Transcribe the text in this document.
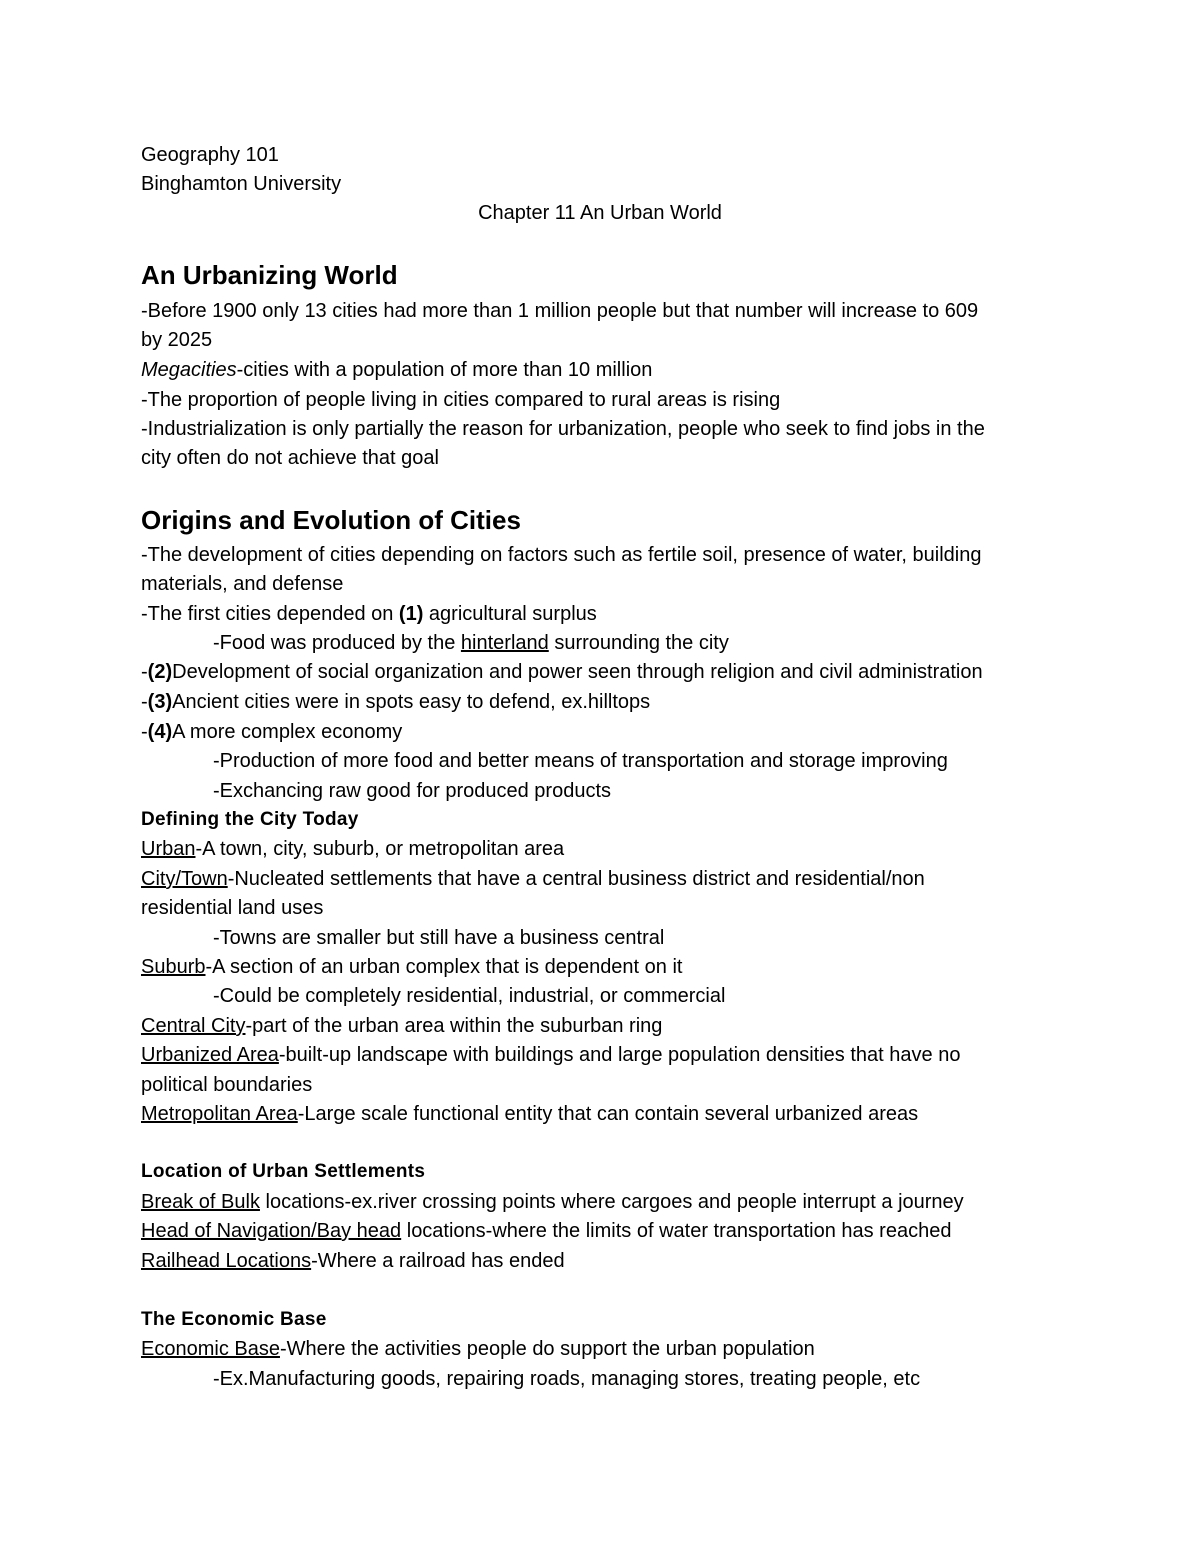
Geography 101
Binghamton University
Chapter 11 An Urban World
An Urbanizing World
-Before 1900 only 13 cities had more than 1 million people but that number will increase to 609
by 2025
Megacities-cities with a population of more than 10 million
-The proportion of people living in cities compared to rural areas is rising
-Industrialization is only partially the reason for urbanization, people who seek to find jobs in the
city often do not achieve that goal
Origins and Evolution of Cities
-The development of cities depending on factors such as fertile soil, presence of water, building
materials, and defense
-The first cities depended on (1) agricultural surplus
-Food was produced by the hinterland surrounding the city
-(2)Development of social organization and power seen through religion and civil administration
-(3)Ancient cities were in spots easy to defend, ex.hilltops
-(4)A more complex economy
-Production of more food and better means of transportation and storage improving
-Exchancing raw good for produced products
Defining the City Today
Urban-A town, city, suburb, or metropolitan area
City/Town-Nucleated settlements that have a central business district and residential/non
residential land uses
-Towns are smaller but still have a business central
Suburb-A section of an urban complex that is dependent on it
-Could be completely residential, industrial, or commercial
Central City-part of the urban area within the suburban ring
Urbanized Area-built-up landscape with buildings and large population densities that have no
political boundaries
Metropolitan Area-Large scale functional entity that can contain several urbanized areas
Location of Urban Settlements
Break of Bulk locations-ex.river crossing points where cargoes and people interrupt a journey
Head of Navigation/Bay head locations-where the limits of water transportation has reached
Railhead Locations-Where a railroad has ended
The Economic Base
Economic Base-Where the activities people do support the urban population
-Ex.Manufacturing goods, repairing roads, managing stores, treating people, etc
